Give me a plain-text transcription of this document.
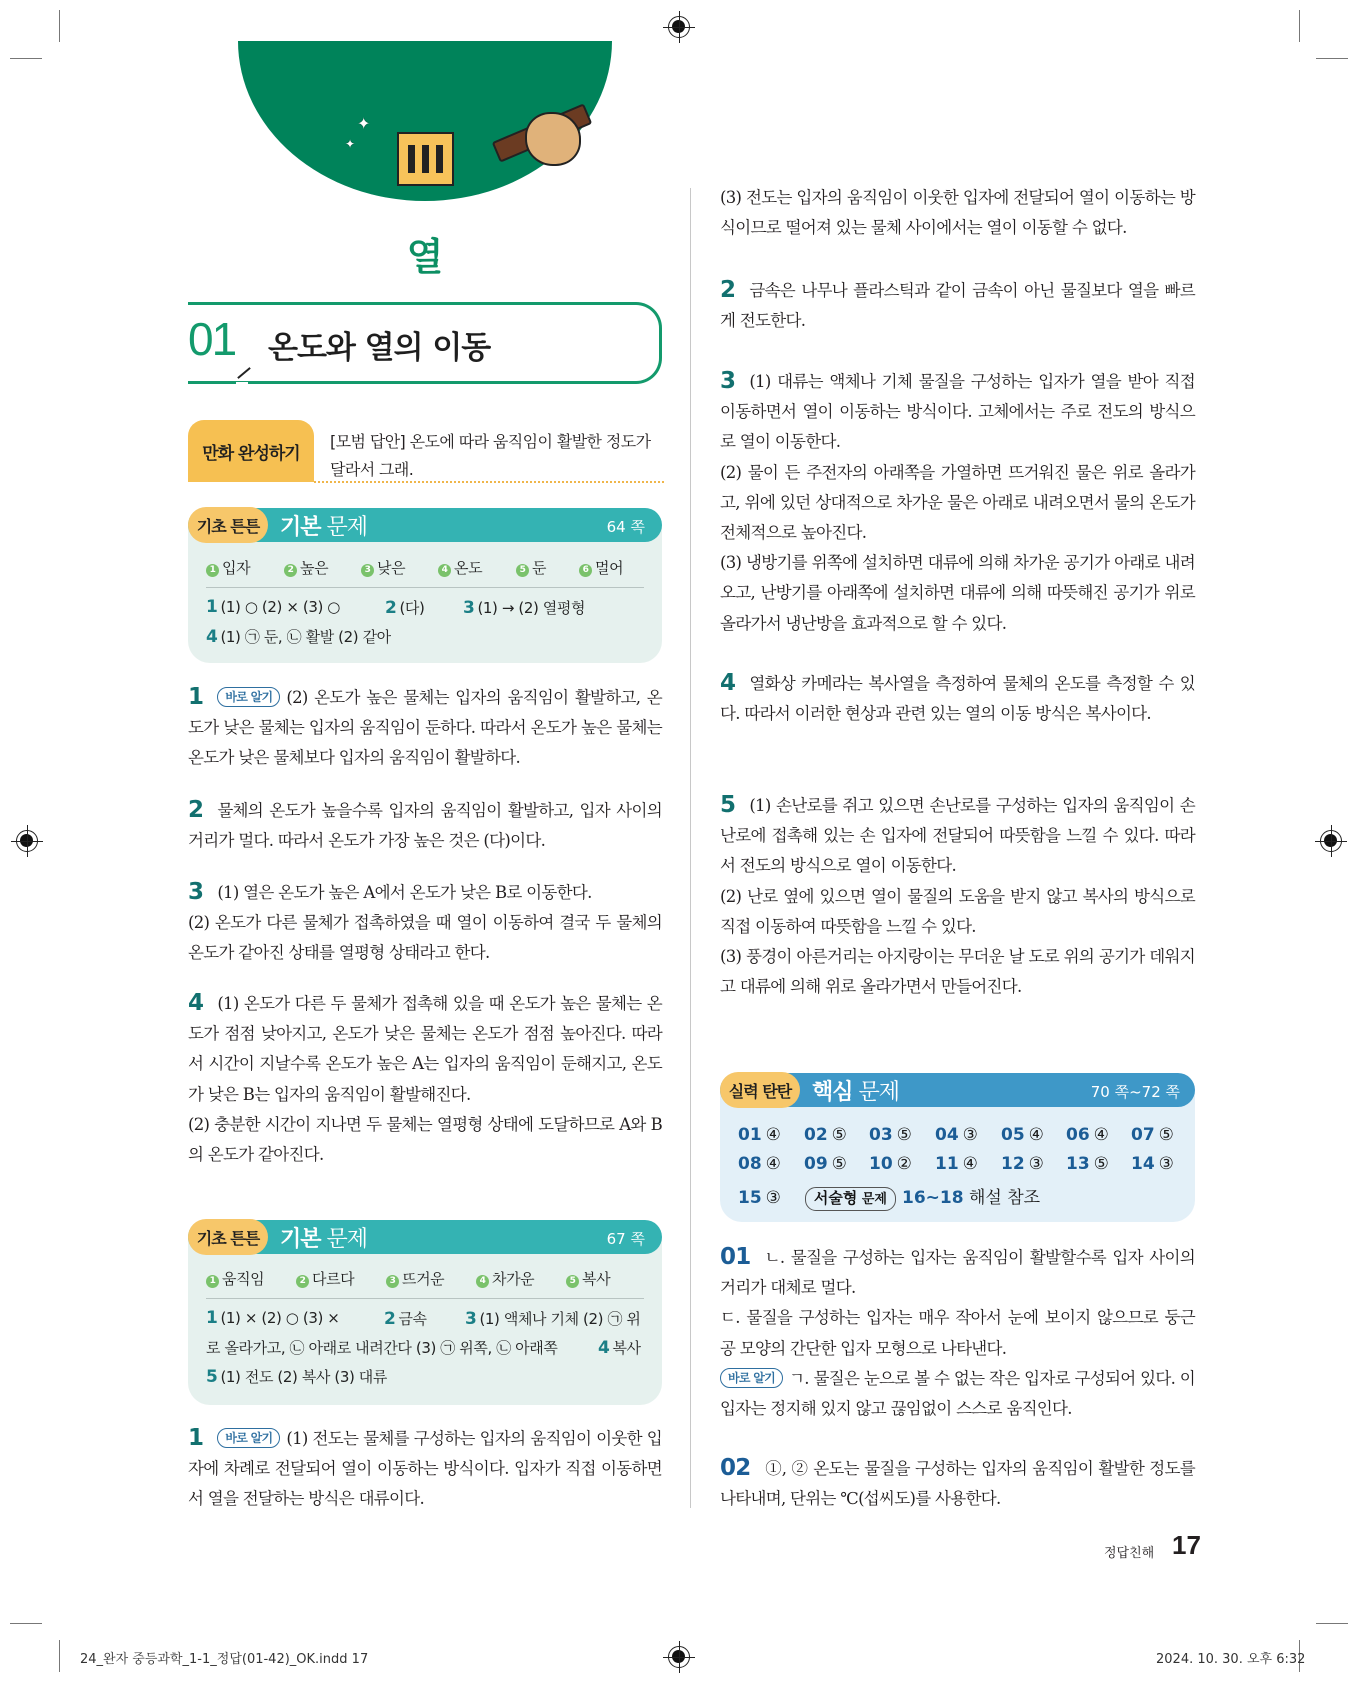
✦
✦
열
01 온도와 열의 이동
만화 완성하기
[모범 답안] 온도에 따라 움직임이 활발한 정도가 달라서 그래.
기초 튼튼 기본 문제	64 쪽
1 입자	2 높은	3 낮은	4 온도	5 둔	6 멀어
1 (1) ○ (2) × (3) ○	2 (다) 3 (1) → (2) 열평형
4 (1) ㉠ 둔, ㉡ 활발 (2) 같아
1 바로 알기 (2) 온도가 높은 물체는 입자의 움직임이 활발하고, 온도가 낮은 물체는 입자의 움직임이 둔하다. 따라서 온도가 높은 물체는 온도가 낮은 물체보다 입자의 움직임이 활발하다.
2 물체의 온도가 높을수록 입자의 움직임이 활발하고, 입자 사이의 거리가 멀다. 따라서 온도가 가장 높은 것은 (다)이다.
3 (1) 열은 온도가 높은 A에서 온도가 낮은 B로 이동한다.
(2) 온도가 다른 물체가 접촉하였을 때 열이 이동하여 결국 두 물체의 온도가 같아진 상태를 열평형 상태라고 한다.
4 (1) 온도가 다른 두 물체가 접촉해 있을 때 온도가 높은 물체는 온도가 점점 낮아지고, 온도가 낮은 물체는 온도가 점점 높아진다. 따라서 시간이 지날수록 온도가 높은 A는 입자의 움직임이 둔해지고, 온도가 낮은 B는 입자의 움직임이 활발해진다.
(2) 충분한 시간이 지나면 두 물체는 열평형 상태에 도달하므로 A와 B의 온도가 같아진다.
기초 튼튼 기본 문제	67 쪽
1 움직임	2 다르다	3 뜨거운	4 차가운	5 복사
1 (1) × (2) ○ (3) ×	2 금속 3 (1) 액체나 기체 (2) ㉠ 위
로 올라가고, ㉡ 아래로 내려간다 (3) ㉠ 위쪽, ㉡ 아래쪽 4 복사
5 (1) 전도 (2) 복사 (3) 대류
1 바로 알기 (1) 전도는 물체를 구성하는 입자의 움직임이 이웃한 입자에 차례로 전달되어 열이 이동하는 방식이다. 입자가 직접 이동하면서 열을 전달하는 방식은 대류이다.
(3) 전도는 입자의 움직임이 이웃한 입자에 전달되어 열이 이동하는 방식이므로 떨어져 있는 물체 사이에서는 열이 이동할 수 없다.
2 금속은 나무나 플라스틱과 같이 금속이 아닌 물질보다 열을 빠르게 전도한다.
3 (1) 대류는 액체나 기체 물질을 구성하는 입자가 열을 받아 직접 이동하면서 열이 이동하는 방식이다. 고체에서는 주로 전도의 방식으로 열이 이동한다.
(2) 물이 든 주전자의 아래쪽을 가열하면 뜨거워진 물은 위로 올라가고, 위에 있던 상대적으로 차가운 물은 아래로 내려오면서 물의 온도가 전체적으로 높아진다.
(3) 냉방기를 위쪽에 설치하면 대류에 의해 차가운 공기가 아래로 내려오고, 난방기를 아래쪽에 설치하면 대류에 의해 따뜻해진 공기가 위로 올라가서 냉난방을 효과적으로 할 수 있다.
4 열화상 카메라는 복사열을 측정하여 물체의 온도를 측정할 수 있다. 따라서 이러한 현상과 관련 있는 열의 이동 방식은 복사이다.
5 (1) 손난로를 쥐고 있으면 손난로를 구성하는 입자의 움직임이 손난로에 접촉해 있는 손 입자에 전달되어 따뜻함을 느낄 수 있다. 따라서 전도의 방식으로 열이 이동한다.
(2) 난로 옆에 있으면 열이 물질의 도움을 받지 않고 복사의 방식으로 직접 이동하여 따뜻함을 느낄 수 있다.
(3) 풍경이 아른거리는 아지랑이는 무더운 날 도로 위의 공기가 데워지고 대류에 의해 위로 올라가면서 만들어진다.
실력 탄탄 핵심 문제	70 쪽~72 쪽
01 ④ 02 ⑤ 03 ⑤ 04 ③ 05 ④ 06 ④ 07 ⑤
08 ④ 09 ⑤ 10 ② 11 ④ 12 ③ 13 ⑤ 14 ③
15 ③ 서술형 문제 16~18 해설 참조
01 ㄴ. 물질을 구성하는 입자는 움직임이 활발할수록 입자 사이의 거리가 대체로 멀다.
ㄷ. 물질을 구성하는 입자는 매우 작아서 눈에 보이지 않으므로 둥근 공 모양의 간단한 입자 모형으로 나타낸다.
바로 알기 ㄱ. 물질은 눈으로 볼 수 없는 작은 입자로 구성되어 있다. 이 입자는 정지해 있지 않고 끊임없이 스스로 움직인다.
02 ①, ② 온도는 물질을 구성하는 입자의 움직임이 활발한 정도를 나타내며, 단위는 ℃(섭씨도)를 사용한다.
정답친해 17
24_완자 중등과학_1-1_정답(01-42)_OK.indd 17	2024. 10. 30. 오후 6:32
